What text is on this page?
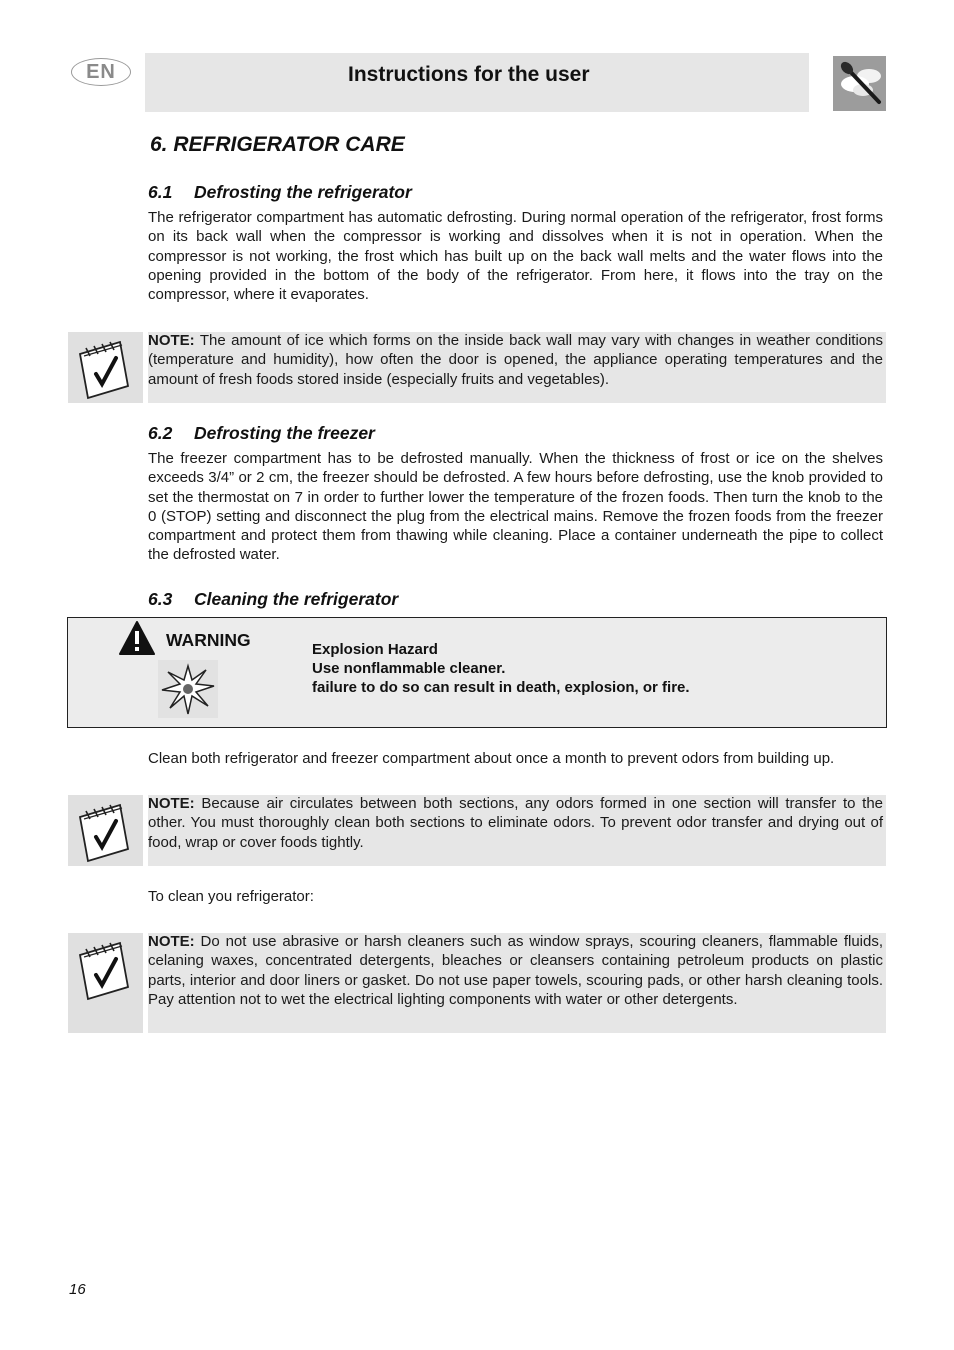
EN	Instructions for the user
6. REFRIGERATOR CARE
6.1 Defrosting the refrigerator
The refrigerator compartment has automatic defrosting. During normal operation of the refrigerator, frost forms on its back wall when the compressor is working and dissolves when it is not in operation. When the compressor is not working, the frost which has built up on the back wall melts and the water flows into the opening provided in the bottom of the body of the refrigerator. From here, it flows into the tray on the compressor, where it evaporates.
NOTE: The amount of ice which forms on the inside back wall may vary with changes in weather conditions (temperature and humidity), how often the door is opened, the appliance operating temperatures and the amount of fresh foods stored inside (especially fruits and vegetables).
6.2 Defrosting the freezer
The freezer compartment has to be defrosted manually. When the thickness of frost or ice on the shelves exceeds 3/4” or 2 cm, the freezer should be defrosted. A few hours before defrosting, use the knob provided to set the thermostat on 7 in order to further lower the temperature of the frozen foods. Then turn the knob to the 0 (STOP) setting and disconnect the plug from the electrical mains. Remove the frozen foods from the freezer compartment and protect them from thawing while cleaning. Place a container underneath the pipe to collect the defrosted water.
6.3 Cleaning the refrigerator
WARNING	Explosion Hazard
Use nonflammable cleaner.
failure to do so can result in death, explosion, or fire.
Clean both refrigerator and freezer compartment about once a month to prevent odors from building up.
NOTE: Because air circulates between both sections, any odors formed in one section will transfer to the other. You must thoroughly clean both sections to eliminate odors. To prevent odor transfer and drying out of food, wrap or cover foods tightly.
To clean you refrigerator:
NOTE: Do not use abrasive or harsh cleaners such as window sprays, scouring cleaners, flammable fluids, celaning waxes, concentrated detergents, bleaches or cleansers containing petroleum products on plastic parts, interior and door liners or gasket. Do not use paper towels, scouring pads, or other harsh cleaning tools. Pay attention not to wet the electrical lighting components with water or other detergents.
16
